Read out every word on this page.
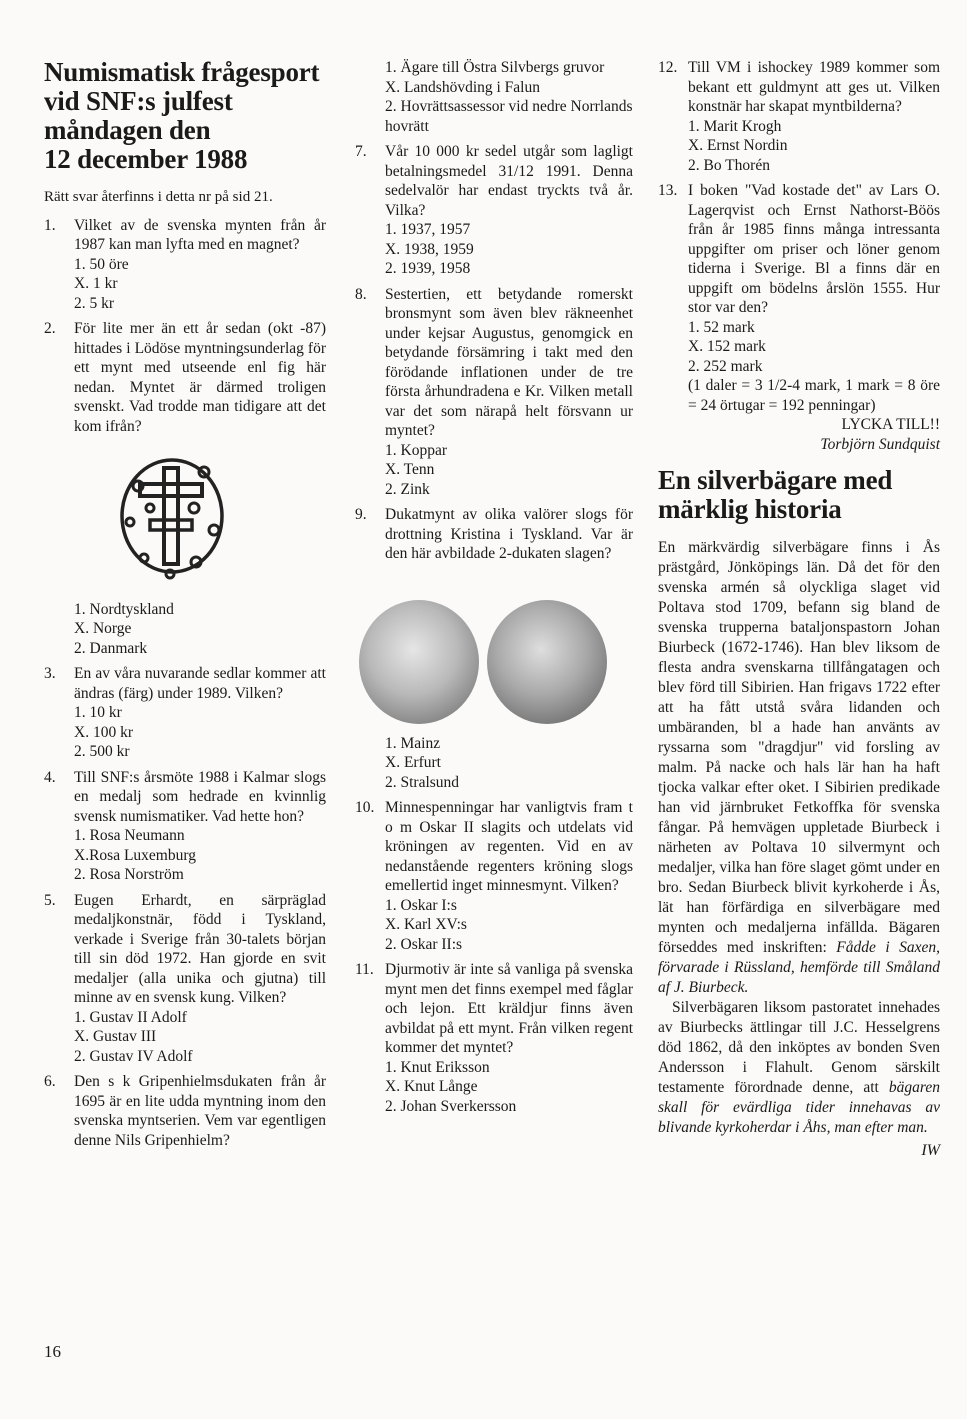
Numismatisk frågesport
vid SNF:s julfest
måndagen den
12 december 1988

Rätt svar återfinns i detta nr på sid 21.

1.	Vilket av de svenska mynten från år 1987 kan man lyfta med en magnet?
1. 50 öre
X. 1 kr
2. 5 kr
2.	För lite mer än ett år sedan (okt -87) hittades i Lödöse myntningsunderlag för ett mynt med utseende enl fig här nedan. Myntet är därmed troligen svenskt. Vad trodde man tidigare att det kom ifrån?
1. Nordtyskland
X. Norge
2. Danmark
3.	En av våra nuvarande sedlar kommer att ändras (färg) under 1989. Vilken?
1. 10 kr
X. 100 kr
2. 500 kr
4.	Till SNF:s årsmöte 1988 i Kalmar slogs en medalj som hedrade en kvinnlig svensk numismatiker. Vad hette hon?
1. Rosa Neumann
X.Rosa Luxemburg
2. Rosa Norström
5.	Eugen Erhardt, en särpräglad medaljkonstnär, född i Tyskland, verkade i Sverige från 30-talets början till sin död 1972. Han gjorde en svit medaljer (alla unika och gjutna) till minne av en svensk kung. Vilken?
1. Gustav II Adolf
X. Gustav III
2. Gustav IV Adolf
6.	Den s k Gripenhielmsdukaten från år 1695 är en lite udda myntning inom den svenska myntserien. Vem var egentligen denne Nils Gripenhielm?
1. Ägare till Östra Silvbergs gruvor
X. Landshövding i Falun
2. Hovrättsassessor vid nedre Norrlands hovrätt
7.	Vår 10 000 kr sedel utgår som lagligt betalningsmedel 31/12 1991. Denna sedelvalör har endast tryckts två år. Vilka?
1. 1937, 1957
X. 1938, 1959
2. 1939, 1958
8.	Sestertien, ett betydande romerskt bronsmynt som även blev räkneenhet under kejsar Augustus, genomgick en betydande försämring i takt med den förödande inflationen under de tre första århundradena e Kr. Vilken metall var det som närapå helt försvann ur myntet?
1. Koppar
X. Tenn
2. Zink
9.	Dukatmynt av olika valörer slogs för drottning Kristina i Tyskland. Var är den här avbildade 2-dukaten slagen?
1. Mainz
X. Erfurt
2. Stralsund
10. Minnespenningar har vanligtvis fram t o m Oskar II slagits och utdelats vid kröningen av regenten. Vid en av nedanstående regenters kröning slogs emellertid inget minnesmynt. Vilken?
1. Oskar I:s
X. Karl XV:s
2. Oskar II:s
11. Djurmotiv är inte så vanliga på svenska mynt men det finns exempel med fåglar och lejon. Ett kräldjur finns även avbildat på ett mynt. Från vilken regent kommer det myntet?
1. Knut Eriksson
X. Knut Långe
2. Johan Sverkersson
12. Till VM i ishockey 1989 kommer som bekant ett guldmynt att ges ut. Vilken konstnär har skapat myntbilderna?
1. Marit Krogh
X. Ernst Nordin
2. Bo Thorén
13. I boken "Vad kostade det" av Lars O. Lagerqvist och Ernst Nathorst-Böös från år 1985 finns många intressanta uppgifter om priser och löner genom tiderna i Sverige. Bl a finns där en uppgift om bödelns årslön 1555. Hur stor var den?
1. 52 mark
X. 152 mark
2. 252 mark
(1 daler = 3 1/2-4 mark, 1 mark = 8 öre = 24 örtugar = 192 penningar)
LYCKA TILL!!
Torbjörn Sundquist
En silverbägare med
märklig historia

En märkvärdig silverbägare finns i Ås prästgård, Jönköpings län. Då det för den svenska armén så olyckliga slaget vid Poltava stod 1709, befann sig bland de svenska trupperna bataljonspastorn Johan Biurbeck (1672-1746). Han blev liksom de flesta andra svenskarna tillfångatagen och blev förd till Sibirien. Han frigavs 1722 efter att ha fått utstå svåra lidanden och umbäranden, bl a hade han använts av ryssarna som "dragdjur" vid forsling av malm. På nacke och hals lär han ha haft tjocka valkar efter oket. I Sibirien predikade han vid järnbruket Fetkoffka för svenska fångar. På hemvägen uppletade Biurbeck i närheten av Poltava 10 silvermynt och medaljer, vilka han före slaget gömt under en bro. Sedan Biurbeck blivit kyrkoherde i Ås, lät han förfärdiga en silverbägare med mynten och medaljerna infällda. Bägaren förseddes med inskriften: Fådde i Saxen, förvarade i Rüssland, hemförde till Småland af J. Biurbeck.

Silverbägaren liksom pastoratet innehades av Biurbecks ättlingar till J.C. Hesselgrens död 1862, då den inköptes av bonden Sven Andersson i Flahult. Genom särskilt testamente förordnade denne, att bägaren skall för evärdliga tider innehavas av blivande kyrkoherdar i Åhs, man efter man.

IW
16
